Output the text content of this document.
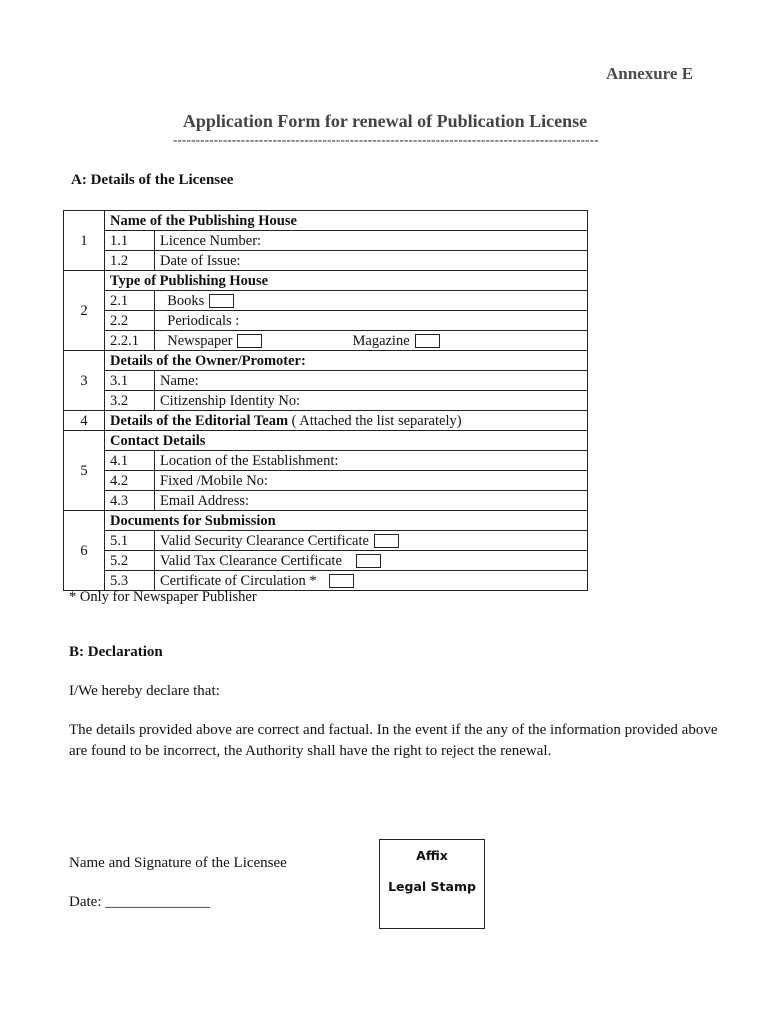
Annexure E
Application Form for renewal of Publication License
----------------------------------------------------------------------------------------------
A: Details of the Licensee
1	Name of the Publishing House	
	1.1	Licence Number:
	1.2	Date of Issue:
2	Type of Publishing House	
	2.1	Books
	2.2	Periodicals :
	2.2.1	Newspaper Magazine
3	Details of the Owner/Promoter:	
	3.1	Name:
	3.2	Citizenship Identity No:
4	Details of the Editorial Team ( Attached the list separately)	
5	Contact Details	
	4.1	Location of the Establishment:
	4.2	Fixed /Mobile No:
	4.3	Email Address:
6	Documents for Submission	
	5.1	Valid Security Clearance Certificate
	5.2	Valid Tax Clearance Certificate
	5.3	Certificate of Circulation *
* Only for Newspaper Publisher
B: Declaration
I/We hereby declare that:
The details provided above are correct and factual. In the event if the any of the information provided above are found to be incorrect, the Authority shall have the right to reject the renewal.
Name and Signature of the Licensee
Date: ______________
Affix
Legal Stamp
